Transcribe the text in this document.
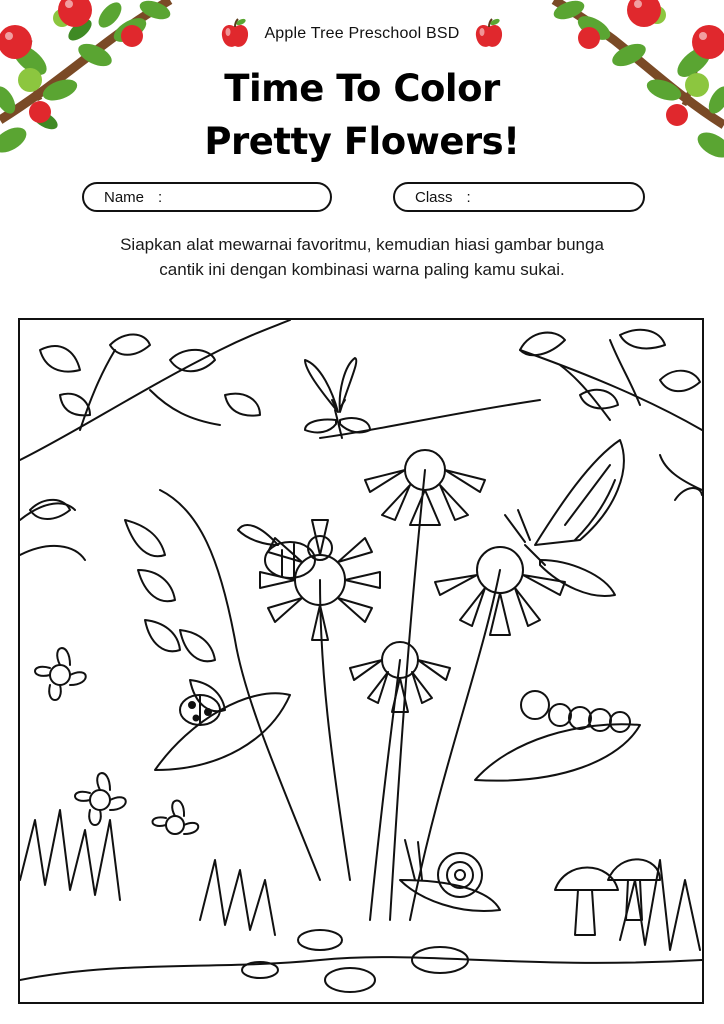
Apple Tree Preschool BSD
Time To Color
Pretty Flowers!
Name :	Class :
Siapkan alat mewarnai favoritmu, kemudian hiasi gambar bunga
cantik ini dengan kombinasi warna paling kamu sukai.
